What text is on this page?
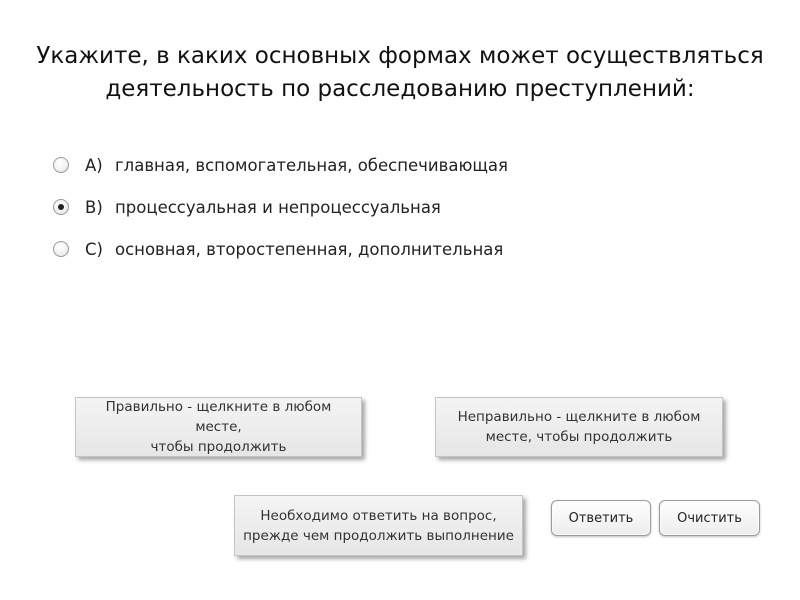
Укажите, в каких основных формах может осуществляться
деятельность по расследованию преступлений:
A) главная, вспомогательная, обеспечивающая
B) процессуальная и непроцессуальная
C) основная, второстепенная, дополнительная
Правильно - щелкните в любом месте,
чтобы продолжить
Неправильно - щелкните в любом
месте, чтобы продолжить
Необходимо ответить на вопрос,
прежде чем продолжить выполнение
Ответить	Очистить
